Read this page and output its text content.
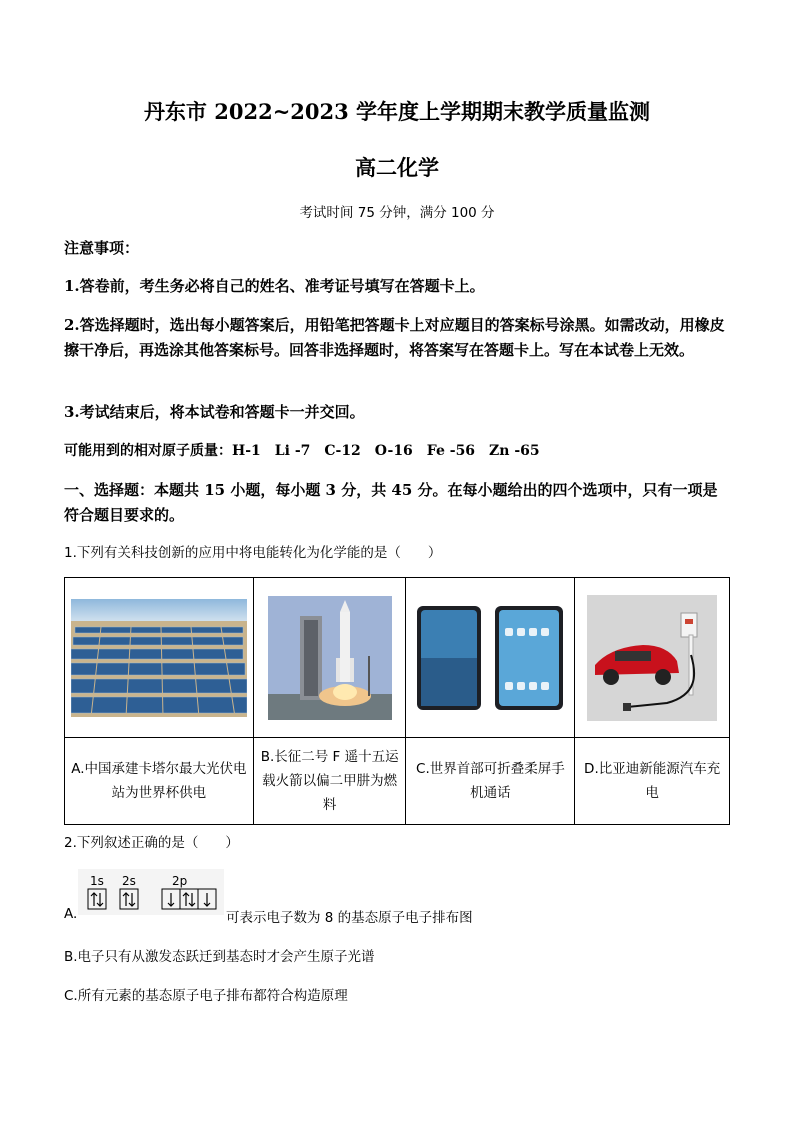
丹东市 2022~2023 学年度上学期期末教学质量监测
高二化学
考试时间 75 分钟，满分 100 分
注意事项：
1.答卷前，考生务必将自己的姓名、准考证号填写在答题卡上。
2.答选择题时，选出每小题答案后，用铅笔把答题卡上对应题目的答案标号涂黑。如需改动，用橡皮擦干净后，再选涂其他答案标号。回答非选择题时，将答案写在答题卡上。写在本试卷上无效。
3.考试结束后，将本试卷和答题卡一并交回。
可能用到的相对原子质量：H-1　Li -7　C-12　O-16　Fe -56　Zn -65
一、选择题：本题共 15 小题，每小题 3 分，共 45 分。在每小题给出的四个选项中，只有一项是符合题目要求的。
1.下列有关科技创新的应用中将电能转化为化学能的是（　　）

A.中国承建卡塔尔最大光伏电站为世界杯供电	B.长征二号 F 遥十五运载火箭以偏二甲肼为燃料	C.世界首部可折叠柔屏手机通话	D.比亚迪新能源汽车充电
2.下列叙述正确的是（　　）
A.
1s 2s	2p
可表示电子数为 8 的基态原子电子排布图
B.电子只有从激发态跃迁到基态时才会产生原子光谱
C.所有元素的基态原子电子排布都符合构造原理
